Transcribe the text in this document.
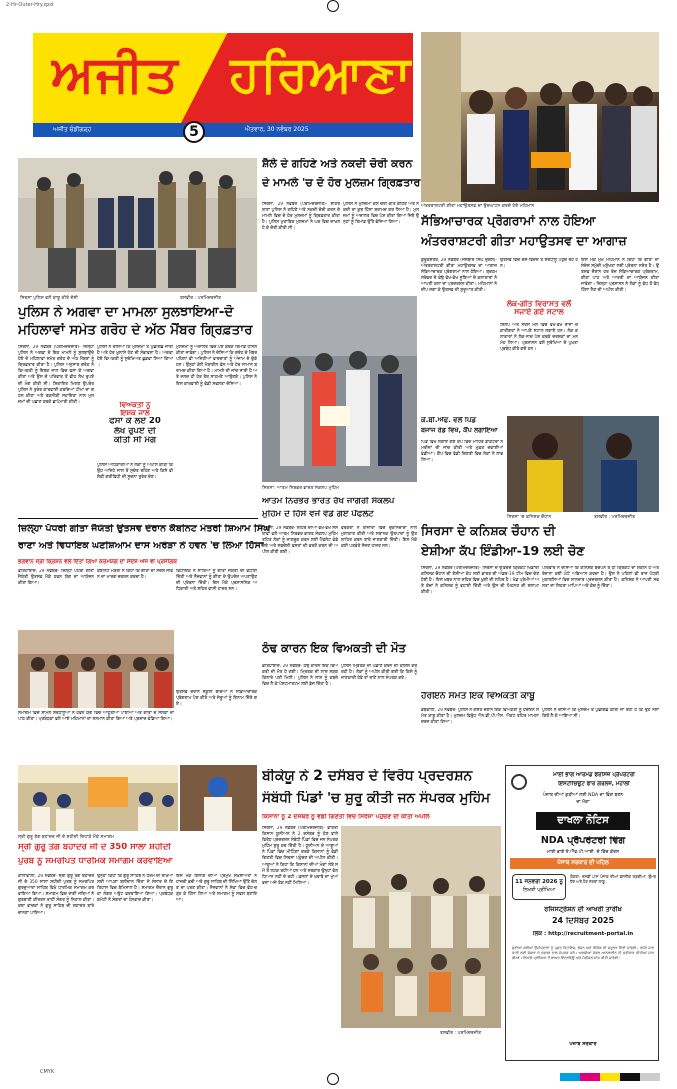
2-Hr-Outer-Hry.qxd
ਅਜੀਤ ਹਰਿਆਣਾ
ਅਜੀਤ ਚੰਡੀਗੜ੍ਹ	5	ਐਤਵਾਰ, 30 ਨਵੰਬਰ 2025
ਅੰਤਰਰਾਸ਼ਟਰੀ ਗੀਤਾ ਮਹਾਉਤਸਵ ਦਾ ਉਦਘਾਟਨ ਕਰਦੇ ਹੋਏ ਮਹਿਮਾਨ
ਸਿਰਸਾ ਪੁਲਿਸ ਵਲੋਂ ਕਾਬੂ ਕੀਤੇ ਦੋਸ਼ੀ	ਤਸਵੀਰ : ਪਰਮਿੰਦਰਜੀਤ
ਪੁਲਿਸ ਨੇ ਅਗਵਾ ਦਾ ਮਾਮਲਾ ਸੁਲਝਾਇਆ-ਦੋ
ਮਹਿਲਾਵਾਂ ਸਮੇਤ ਗਰੋਹ ਦੇ ਅੱਠ ਮੈਂਬਰ ਗ੍ਰਿਫ਼ਤਾਰ
ਸਿਰਸਾ, 29 ਨਵੰਬਰ (ਪਰਮਿੰਦਰਜੀਤ)- ਜ਼ਿਲ੍ਹਾ ਪੁਲਿਸ ਨੇ ਅਗਵਾ ਦੇ ਇਕ ਮਾਮਲੇ ਨੂੰ ਸੁਲਝਾਉਂਦੇ ਹੋਏ ਦੋ ਮਹਿਲਾਵਾਂ ਸਮੇਤ ਗਰੋਹ ਦੇ ਅੱਠ ਮੈਂਬਰਾਂ ਨੂੰ ਗ੍ਰਿਫ਼ਤਾਰ ਕੀਤਾ ਹੈ। ਪੁਲਿਸ ਅਨੁਸਾਰ ਗਰੋਹ ਨੇ ਵਿਅਕਤੀ ਨੂੰ ਇਸ਼ਕ ਜਾਲ ਵਿਚ ਫਸਾ ਕੇ ਅਗਵਾ ਕੀਤਾ ਅਤੇ ਉਸ ਦੇ ਪਰਿਵਾਰ ਤੋਂ ਵੀਹ ਲੱਖ ਰੁਪਏ ਦੀ ਮੰਗ ਕੀਤੀ ਸੀ। ਸ਼ਿਕਾਇਤ ਮਿਲਣ ਉਪਰੰਤ ਪੁਲਿਸ ਨੇ ਤੁਰੰਤ ਕਾਰਵਾਈ ਕਰਦਿਆਂ ਟੀਮਾਂ ਦਾ ਗਠਨ ਕੀਤਾ ਅਤੇ ਤਕਨੀਕੀ ਸਹਾਇਤਾ ਨਾਲ ਮੁਲਜ਼ਮਾਂ ਦੀ ਪਛਾਣ ਕਰਕੇ ਛਾਪੇਮਾਰੀ ਕੀਤੀ।
ਪੁਲਿਸ ਨੇ ਦੱਸਿਆ ਕਿ ਮੁਲਜ਼ਮਾਂ ਤੋਂ ਪੁੱਛਗਿੱਛ ਜਾਰੀ ਹੈ ਅਤੇ ਹੋਰ ਖ਼ੁਲਾਸੇ ਹੋਣ ਦੀ ਸੰਭਾਵਨਾ ਹੈ। ਅਗਵਾ ਹੋਏ ਵਿਅਕਤੀ ਨੂੰ ਸੁਰੱਖਿਅਤ ਛੁਡਵਾ ਲਿਆ ਗਿਆ।
ਵਿਅਕਤੀ ਨੂੰ
ਇਸ਼ਕ ਜਾਲ
ਫਸਾ ਕੇ ਲਏ 20
ਲੱਖ ਰੁਪਏ ਦੀ
ਕੀਤੀ ਸੀ ਮੰਗ
ਪੁਲਿਸ ਅਧਿਕਾਰੀਆਂ ਨੇ ਲੋਕਾਂ ਨੂੰ ਅਪੀਲ ਕੀਤੀ ਕਿ ਉਹ ਅਜਿਹੇ ਜਾਲ ਤੋਂ ਸੁਚੇਤ ਰਹਿਣ ਅਤੇ ਕਿਸੇ ਵੀ ਸ਼ੱਕੀ ਗਤੀਵਿਧੀ ਦੀ ਸੂਚਨਾ ਤੁਰੰਤ ਦੇਣ।
ਮੁਲਜ਼ਮਾਂ ਨੂੰ ਅਦਾਲਤ ਵਿਚ ਪੇਸ਼ ਕਰਕੇ ਰਿਮਾਂਡ ਹਾਸਲ ਕੀਤਾ ਜਾਵੇਗਾ। ਪੁਲਿਸ ਨੇ ਦੱਸਿਆ ਕਿ ਗਰੋਹ ਦੇ ਮੈਂਬਰ ਪਹਿਲਾਂ ਵੀ ਅਜਿਹੀਆਂ ਵਾਰਦਾਤਾਂ ਨੂੰ ਅੰਜਾਮ ਦੇ ਚੁੱਕੇ ਹਨ। ਉਨ੍ਹਾਂ ਕੋਲੋਂ ਮੋਬਾਈਲ ਫ਼ੋਨ ਅਤੇ ਹੋਰ ਸਾਮਾਨ ਬਰਾਮਦ ਕੀਤਾ ਗਿਆ ਹੈ। ਮਾਮਲੇ ਦੀ ਜਾਂਚ ਜਾਰੀ ਹੈ ਅਤੇ ਜਲਦ ਹੀ ਹੋਰ ਤੱਥ ਸਾਹਮਣੇ ਆਉਣਗੇ। ਪੁਲਿਸ ਨੇ ਇਸ ਕਾਰਵਾਈ ਨੂੰ ਵੱਡੀ ਸਫਲਤਾ ਦੱਸਿਆ।
ਸ਼ੈਲੇ ਦੇ ਗਹਿਣੇ ਅਤੇ ਨਕਦੀ ਚੋਰੀ ਕਰਨ
ਦੇ ਮਾਮਲੇ 'ਚ ਦੋ ਹੋਰ ਮੁਲਜ਼ਮ ਗ੍ਰਿਫ਼ਤਾਰ
ਸਿਰਸਾ, 29 ਨਵੰਬਰ (ਪਰਮਿੰਦਰਜੀਤ)- ਸ਼ਹਿਰ ਥਾਣਾ ਪੁਲਿਸ ਨੇ ਗਹਿਣੇ ਅਤੇ ਨਕਦੀ ਚੋਰੀ ਕਰਨ ਦੇ ਮਾਮਲੇ ਵਿਚ ਦੋ ਹੋਰ ਮੁਲਜ਼ਮਾਂ ਨੂੰ ਗ੍ਰਿਫ਼ਤਾਰ ਕੀਤਾ ਹੈ। ਪੁਲਿਸ ਮੁਤਾਬਿਕ ਮੁਲਜ਼ਮਾਂ ਨੇ ਘਰ ਵਿਚ ਦਾਖ਼ਲ ਹੋ ਕੇ ਚੋਰੀ ਕੀਤੀ ਸੀ।
ਪੁਲਿਸ ਨੇ ਮੁਲਜ਼ਮਾਂ ਕੋਲੋਂ ਚੋਰੀ ਕੀਤੇ ਗਹਿਣੇ ਅਤੇ ਨਕਦੀ ਦਾ ਕੁਝ ਹਿੱਸਾ ਬਰਾਮਦ ਕਰ ਲਿਆ ਹੈ। ਮੁਲਜ਼ਮਾਂ ਨੂੰ ਅਦਾਲਤ ਵਿਚ ਪੇਸ਼ ਕੀਤਾ ਗਿਆ ਜਿਥੋਂ ਉਨ੍ਹਾਂ ਨੂੰ ਰਿਮਾਂਡ ਉੱਤੇ ਭੇਜਿਆ ਗਿਆ।
ਸਿਰਸਾ: ਆਤਮ ਨਿਰਭਰ ਭਾਰਤ ਸੰਕਲਪ ਮੁਹਿੰਮ
ਆਤਮ ਨਿਰਭਰ ਭਾਰਤ ਰੱਖ ਜਾਗਰੀ ਸੰਕਲਪ
ਮੁਹਿੰਮ ਦੇ ਹਿੱਸੇ ਵਜੋਂ ਵੰਡੇ ਗਏ ਪੈਂਫਲੇਟ
ਸੱਭਿਆਚਾਰਕ ਪ੍ਰੋਗਰਾਮਾਂ ਨਾਲ ਹੋਇਆ
ਅੰਤਰਰਾਸ਼ਟਰੀ ਗੀਤਾ ਮਹਾਉਤਸਵ ਦਾ ਆਗਾਜ਼
ਕੁਰੂਕਸ਼ੇਤਰ, 29 ਨਵੰਬਰ (ਜਸਬੀਰ ਸਿੰਘ ਦੁੱਗਲ)- ਅੰਤਰਰਾਸ਼ਟਰੀ ਗੀਤਾ ਮਹਾਉਤਸਵ ਦਾ ਆਗਾਜ਼ ਸੱਭਿਆਚਾਰਕ ਪ੍ਰੋਗਰਾਮਾਂ ਨਾਲ ਹੋਇਆ। ਬ੍ਰਹਮ ਸਰੋਵਰ ਦੇ ਕੰਢੇ ਵੱਖ-ਵੱਖ ਸੂਬਿਆਂ ਦੇ ਕਲਾਕਾਰਾਂ ਨੇ ਆਪਣੀ ਕਲਾ ਦਾ ਪ੍ਰਦਰਸ਼ਨ ਕੀਤਾ। ਮਹਿਮਾਨਾਂ ਨੇ ਦੀਪ ਜਗਾ ਕੇ ਉਤਸਵ ਦੀ ਸ਼ੁਰੂਆਤ ਕੀਤੀ।
ਉਤਸਵ ਵਿਚ ਦੇਸ਼-ਵਿਦੇਸ਼ ਤੋਂ ਸ਼ਰਧਾਲੂ ਪਹੁੰਚ ਰਹੇ ਹਨ।
ਲੋਕ-ਗੀਤ ਵਿਰਾਸਤ ਵਲੋਂ
ਸਜਾਏ ਗਏ ਸਟਾਲ
ਸ਼ਿਲਪ ਅਤੇ ਸਰਸ ਮੇਲੇ ਵਿਚ ਵੱਖ-ਵੱਖ ਰਾਜਾਂ ਦੇ ਕਾਰੀਗਰਾਂ ਨੇ ਆਪਣੇ ਸਟਾਲ ਲਗਾਏ ਹਨ। ਲੋਕ ਕਲਾਕਾਰਾਂ ਨੇ ਲੋਕ-ਨਾਚ ਪੇਸ਼ ਕਰਕੇ ਦਰਸ਼ਕਾਂ ਦਾ ਮਨ ਮੋਹ ਲਿਆ। ਪ੍ਰਸ਼ਾਸਨ ਵਲੋਂ ਸੁਰੱਖਿਆ ਦੇ ਪੁਖ਼ਤਾ ਪ੍ਰਬੰਧ ਕੀਤੇ ਗਏ ਹਨ।
ਇਸ ਮੌਕੇ ਮੁੱਖ ਮਹਿਮਾਨ ਨੇ ਕਿਹਾ ਕਿ ਗੀਤਾ ਦਾ ਸੰਦੇਸ਼ ਸਮੁੱਚੀ ਮਨੁੱਖਤਾ ਲਈ ਪ੍ਰੇਰਨਾ ਸਰੋਤ ਹੈ। ਉਤਸਵ ਦੌਰਾਨ ਹਰ ਰੋਜ਼ ਸੱਭਿਆਚਾਰਕ ਪ੍ਰੋਗਰਾਮ, ਗੀਤਾ ਪਾਠ ਅਤੇ ਆਰਤੀ ਦਾ ਆਯੋਜਨ ਕੀਤਾ ਜਾਵੇਗਾ। ਜ਼ਿਲ੍ਹਾ ਪ੍ਰਸ਼ਾਸਨ ਨੇ ਲੋਕਾਂ ਨੂੰ ਵੱਧ ਤੋਂ ਵੱਧ ਹਿੱਸਾ ਲੈਣ ਦੀ ਅਪੀਲ ਕੀਤੀ।
ਕੇ.ਬੀ.ਐੱਫ. ਵਲੋਂ ਪਿੰਡ
ਬਜਾਜ ਰੋਡ ਵਿਖੇ, ਕੈਂਪ ਲਗਾਇਆ
ਪਿੰਡ ਵਿਖੇ ਲਗਾਏ ਗਏ ਕੈਂਪ ਵਿਚ ਮਾਹਿਰ ਡਾਕਟਰਾਂ ਨੇ ਮਰੀਜ਼ਾਂ ਦੀ ਜਾਂਚ ਕੀਤੀ ਅਤੇ ਮੁਫ਼ਤ ਦਵਾਈਆਂ ਵੰਡੀਆਂ। ਕੈਂਪ ਵਿਚ ਵੱਡੀ ਗਿਣਤੀ ਵਿਚ ਲੋਕਾਂ ਨੇ ਲਾਭ ਲਿਆ।
ਸਿਰਸਾ 'ਚ ਕਨਿਸ਼ਕ ਚੌਹਾਨ	ਤਸਵੀਰ : ਪਰਮਿੰਦਰਜੀਤ
ਸਿਰਸਾ ਦੇ ਕਨਿਸ਼ਕ ਚੌਹਾਨ ਦੀ
ਏਸ਼ੀਆ ਕੱਪ ਇੰਡੀਆ-19 ਲਈ ਚੋਣ
ਸਿਰਸਾ, 29 ਨਵੰਬਰ (ਪਰਮਿੰਦਰਜੀਤ)- ਸਿਰਸਾ ਦੇ ਉੱਭਰਦੇ ਕ੍ਰਿਕਟ ਖਿਡਾਰੀ ਕਨਿਸ਼ਕ ਚੌਹਾਨ ਦੀ ਏਸ਼ੀਆ ਕੱਪ ਲਈ ਭਾਰਤ ਦੀ ਅੰਡਰ-19 ਟੀਮ ਵਿਚ ਚੋਣ ਹੋਈ ਹੈ। ਇਸ ਖ਼ਬਰ ਨਾਲ ਸ਼ਹਿਰ ਵਿਚ ਖ਼ੁਸ਼ੀ ਦੀ ਲਹਿਰ ਹੈ। ਖੇਡ ਪ੍ਰੇਮੀਆਂ ਅਤੇ ਕੋਚਾਂ ਨੇ ਕਨਿਸ਼ਕ ਨੂੰ ਵਧਾਈ ਦਿੱਤੀ ਅਤੇ ਉਸ ਦੀ ਮਿਹਨਤ ਦੀ ਸ਼ਲਾਘਾ ਕੀਤੀ।
ਪਰਿਵਾਰ ਨੇ ਦੱਸਿਆ ਕਿ ਕਨਿਸ਼ਕ ਬਚਪਨ ਤੋਂ ਹੀ ਕ੍ਰਿਕਟ ਦਾ ਸ਼ੌਕੀਨ ਹੈ ਅਤੇ ਰੋਜ਼ਾਨਾ ਕਈ ਘੰਟੇ ਅਭਿਆਸ ਕਰਦਾ ਹੈ। ਉਸ ਨੇ ਪਹਿਲਾਂ ਵੀ ਰਾਜ ਪੱਧਰੀ ਮੁਕਾਬਲਿਆਂ ਵਿਚ ਸ਼ਾਨਦਾਰ ਪ੍ਰਦਰਸ਼ਨ ਕੀਤਾ ਹੈ। ਕਨਿਸ਼ਕ ਨੇ ਆਪਣੀ ਸਫਲਤਾ ਦਾ ਸਿਹਰਾ ਮਾਪਿਆਂ ਅਤੇ ਕੋਚ ਨੂੰ ਦਿੱਤਾ।
ਜ਼ਿਲ੍ਹਾ ਪੱਧਰੀ ਗੀਤਾ ਜੈਯੰਤੀ ਉਤਸਵ ਦੌਰਾਨ ਕੈਬਨਿਟ ਮੰਤਰੀ ਸ਼ਿਆਮ ਸਿੰਘ
ਰਾਣਾ ਅਤੇ ਵਿਧਾਇਕ ਘਣਸ਼ਿਆਮ ਦਾਸ ਅਰੋੜਾ ਨੇ ਹਵਨ 'ਚ ਲਿਆ ਹਿੱਸਾ
ਭਗਵਾਨ ਸ੍ਰੀ ਕ੍ਰਿਸ਼ਨ ਵਲੋਂ ਦਿੱਤਾ ਗਿਆ ਕਰਮਯੋਗ ਦਾ ਸੰਦੇਸ਼ ਅੱਜ ਵੀ ਪ੍ਰਸੰਗਿਕ
ਫ਼ਤਿਹਾਬਾਦ, 29 ਨਵੰਬਰ- ਜ਼ਿਲ੍ਹਾ ਪੱਧਰੀ ਗੀਤਾ ਜੈਯੰਤੀ ਉਤਸਵ ਮੌਕੇ ਹਵਨ ਯੱਗ ਦਾ ਆਯੋਜਨ ਕੀਤਾ ਗਿਆ।
ਕੈਬਨਿਟ ਮੰਤਰੀ ਨੇ ਕਿਹਾ ਕਿ ਗੀਤਾ ਦਾ ਸੰਦੇਸ਼ ਜੀਵਨ ਦਾ ਮਾਰਗ ਦਰਸ਼ਨ ਕਰਦਾ ਹੈ।
ਵਿਧਾਇਕ ਨੇ ਸਾਰਿਆਂ ਨੂੰ ਗੀਤਾ ਜੈਯੰਤੀ ਦੀ ਵਧਾਈ ਦਿੱਤੀ ਅਤੇ ਨੌਜਵਾਨਾਂ ਨੂੰ ਗੀਤਾ ਦੇ ਉਪਦੇਸ਼ ਅਪਣਾਉਣ ਦੀ ਪ੍ਰੇਰਨਾ ਦਿੱਤੀ। ਇਸ ਮੌਕੇ ਪ੍ਰਸ਼ਾਸਨਿਕ ਅਧਿਕਾਰੀ ਅਤੇ ਸ਼ਹਿਰ ਵਾਸੀ ਹਾਜ਼ਰ ਸਨ।
ਸਮਾਗਮ ਵਿਚ ਸ਼ਾਮਲ ਸ਼ਰਧਾਲੂਆਂ ਨੇ ਹਵਨ ਯੱਗ ਵਿਚ ਆਹੂਤੀਆਂ ਪਾਈਆਂ ਅਤੇ ਗੀਤਾ ਦੇ ਸਲੋਕਾਂ ਦਾ ਪਾਠ ਕੀਤਾ। ਪ੍ਰਬੰਧਕਾਂ ਵਲੋਂ ਆਏ ਮਹਿਮਾਨਾਂ ਦਾ ਸਨਮਾਨ ਕੀਤਾ ਗਿਆ ਅਤੇ ਪ੍ਰਸ਼ਾਦ ਵੰਡਿਆ ਗਿਆ।
ਉਤਸਵ ਦੌਰਾਨ ਸਕੂਲੀ ਬੱਚਿਆਂ ਨੇ ਸੱਭਿਆਚਾਰਕ ਪ੍ਰੋਗਰਾਮ ਪੇਸ਼ ਕੀਤੇ ਅਤੇ ਜੇਤੂਆਂ ਨੂੰ ਇਨਾਮ ਦਿੱਤੇ ਗਏ।
ਸਿਰਸਾ, 29 ਨਵੰਬਰ- ਸ਼ਹਿਰ ਦੀਆਂ ਵੱਖ-ਵੱਖ ਸੰਸਥਾਵਾਂ ਵਲੋਂ ਆਤਮ ਨਿਰਭਰ ਭਾਰਤ ਸੰਕਲਪ ਮੁਹਿੰਮ ਤਹਿਤ ਲੋਕਾਂ ਨੂੰ ਜਾਗਰੂਕ ਕਰਨ ਲਈ ਪੈਂਫਲੇਟ ਵੰਡੇ ਗਏ ਅਤੇ ਸਵਦੇਸ਼ੀ ਵਸਤਾਂ ਦੀ ਵਰਤੋਂ ਕਰਨ ਦੀ ਅਪੀਲ ਕੀਤੀ ਗਈ।
ਵਰਕਰਾਂ ਨੇ ਬਾਜ਼ਾਰਾਂ ਵਿਚ ਦੁਕਾਨਦਾਰਾਂ ਨਾਲ ਮੁਲਾਕਾਤ ਕੀਤੀ ਅਤੇ ਸਥਾਨਕ ਉਤਪਾਦਾਂ ਨੂੰ ਉਤਸ਼ਾਹਿਤ ਕਰਨ ਬਾਰੇ ਜਾਣਕਾਰੀ ਦਿੱਤੀ। ਇਸ ਮੌਕੇ ਕਈ ਪਤਵੰਤੇ ਸੱਜਣ ਹਾਜ਼ਰ ਸਨ।
ਠੰਢ ਕਾਰਨ ਇਕ ਵਿਅਕਤੀ ਦੀ ਮੌਤ
ਫ਼ਤਿਹਾਬਾਦ, 29 ਨਵੰਬਰ- ਠੰਢ ਕਾਰਨ ਇਕ ਵਿਅਕਤੀ ਦੀ ਮੌਤ ਹੋ ਗਈ। ਮ੍ਰਿਤਕ ਦੀ ਲਾਸ਼ ਸੜਕ ਕਿਨਾਰੇ ਪਈ ਮਿਲੀ। ਪੁਲਿਸ ਨੇ ਲਾਸ਼ ਨੂੰ ਕਬਜ਼ੇ ਵਿਚ ਲੈ ਕੇ ਪੋਸਟਮਾਰਟਮ ਲਈ ਭੇਜ ਦਿੱਤਾ ਹੈ।
ਪੁਲਿਸ ਮ੍ਰਿਤਕ ਦੀ ਪਛਾਣ ਕਰਨ ਦੀ ਕੋਸ਼ਿਸ਼ ਕਰ ਰਹੀ ਹੈ। ਲੋਕਾਂ ਨੂੰ ਅਪੀਲ ਕੀਤੀ ਗਈ ਕਿ ਕਿਸੇ ਨੂੰ ਜਾਣਕਾਰੀ ਹੋਵੇ ਤਾਂ ਥਾਣੇ ਨਾਲ ਸੰਪਰਕ ਕਰੇ।
ਹੈਰੋਇਨ ਸਮੇਤ ਇਕ ਵਿਅਕਤੀ ਕਾਬੂ
ਡੱਬਵਾਲੀ, 29 ਨਵੰਬਰ- ਪੁਲਿਸ ਨੇ ਗਸ਼ਤ ਦੌਰਾਨ ਇਕ ਵਿਅਕਤੀ ਨੂੰ ਹੈਰੋਇਨ ਸਮੇਤ ਕਾਬੂ ਕੀਤਾ ਹੈ। ਮੁਲਜ਼ਮ ਵਿਰੁੱਧ ਐਨ.ਡੀ.ਪੀ.ਐਸ. ਐਕਟ ਤਹਿਤ ਮਾਮਲਾ ਦਰਜ ਕੀਤਾ ਗਿਆ।
ਪੁਲਿਸ ਨੇ ਦੱਸਿਆ ਕਿ ਮੁਲਜ਼ਮ ਤੋਂ ਪੁੱਛਗਿੱਛ ਕੀਤੀ ਜਾ ਰਹੀ ਹੈ ਕਿ ਉਹ ਨਸ਼ਾ ਕਿਥੋਂ ਲੈ ਕੇ ਆਇਆ ਸੀ।
ਸ੍ਰੀ ਗੁਰੂ ਤੇਗ ਬਹਾਦਰ ਜੀ ਦੇ ਸ਼ਹੀਦੀ ਦਿਹਾੜੇ ਮੌਕੇ ਸਮਾਗਮ
ਸ੍ਰੀ ਗੁਰੂ ਤੇਗ ਬਹਾਦਰ ਜੀ ਦੇ 350 ਸਾਲਾ ਸ਼ਹੀਦੀ
ਪੁਰਬ ਨੂੰ ਸਮਰਪਿਤ ਧਾਰਮਿਕ ਸਮਾਗਮ ਕਰਵਾਇਆ
ਕਾਲਾਂਵਾਲੀ, 29 ਨਵੰਬਰ- ਸ੍ਰੀ ਗੁਰੂ ਤੇਗ ਬਹਾਦਰ ਜੀ ਦੇ 350 ਸਾਲਾ ਸ਼ਹੀਦੀ ਪੁਰਬ ਨੂੰ ਸਮਰਪਿਤ ਗੁਰਦੁਆਰਾ ਸਾਹਿਬ ਵਿਖੇ ਧਾਰਮਿਕ ਸਮਾਗਮ ਕਰਵਾਇਆ ਗਿਆ। ਸਮਾਗਮ ਵਿਚ ਰਾਗੀ ਜਥਿਆਂ ਨੇ ਗੁਰਬਾਣੀ ਕੀਰਤਨ ਰਾਹੀਂ ਸੰਗਤ ਨੂੰ ਨਿਹਾਲ ਕੀਤਾ। ਕਥਾ ਵਾਚਕਾਂ ਨੇ ਗੁਰੂ ਸਾਹਿਬ ਦੀ ਸ਼ਹਾਦਤ ਬਾਰੇ ਚਾਨਣਾ ਪਾਇਆ।
ਉਨ੍ਹਾਂ ਕਿਹਾ ਕਿ ਗੁਰੂ ਸਾਹਿਬ ਨੇ ਧਰਮ ਦੀ ਰੱਖਿਆ ਲਈ ਆਪਣਾ ਬਲੀਦਾਨ ਦਿੱਤਾ ਜੋ ਸੰਸਾਰ ਦੇ ਇਤਿਹਾਸ ਵਿਚ ਬੇਮਿਸਾਲ ਹੈ। ਸਮਾਗਮ ਦੌਰਾਨ ਗੁਰੂ ਕਾ ਲੰਗਰ ਅਤੁੱਟ ਵਰਤਾਇਆ ਗਿਆ। ਪ੍ਰਬੰਧਕ ਕਮੇਟੀ ਨੇ ਸੰਗਤਾਂ ਦਾ ਧੰਨਵਾਦ ਕੀਤਾ।
ਇਸ ਮੌਕੇ ਇਲਾਕੇ ਦੀਆਂ ਪ੍ਰਮੁੱਖ ਸ਼ਖ਼ਸੀਅਤਾਂ ਨੇ ਹਾਜ਼ਰੀ ਭਰੀ ਅਤੇ ਗੁਰੂ ਸਾਹਿਬ ਦੀ ਸਿੱਖਿਆ ਉੱਤੇ ਚੱਲਣ ਦਾ ਪ੍ਰਣ ਕੀਤਾ। ਨੌਜਵਾਨਾਂ ਨੇ ਸੇਵਾ ਵਿਚ ਵੱਧ-ਚੜ੍ਹ ਕੇ ਹਿੱਸਾ ਲਿਆ ਅਤੇ ਸਮਾਗਮ ਨੂੰ ਸਫਲ ਬਣਾਇਆ।
ਬੀਕੇਯੂ ਨੇ 2 ਦਸੰਬਰ ਦੇ ਵਿਰੋਧ ਪ੍ਰਦਰਸ਼ਨ
ਸੰਬੰਧੀ ਪਿੰਡਾਂ 'ਚ ਸ਼ੁਰੂ ਕੀਤੀ ਜਨ ਸੰਪਰਕ ਮੁਹਿੰਮ
ਕਿਸਾਨਾਂ ਨੂੰ 2 ਦਸੰਬਰ ਨੂੰ ਵੱਡੀ ਗਿਣਤੀ ਵਿਚ ਸਿਰਸਾ ਪਹੁੰਚਣ ਦੀ ਕੀਤੀ ਅਪੀਲ
ਸਿਰਸਾ, 29 ਨਵੰਬਰ (ਪਰਮਿੰਦਰਜੀਤ)- ਭਾਰਤੀ ਕਿਸਾਨ ਯੂਨੀਅਨ ਨੇ 2 ਦਸੰਬਰ ਨੂੰ ਹੋਣ ਵਾਲੇ ਵਿਰੋਧ ਪ੍ਰਦਰਸ਼ਨ ਸੰਬੰਧੀ ਪਿੰਡਾਂ ਵਿਚ ਜਨ ਸੰਪਰਕ ਮੁਹਿੰਮ ਸ਼ੁਰੂ ਕਰ ਦਿੱਤੀ ਹੈ। ਯੂਨੀਅਨ ਦੇ ਆਗੂਆਂ ਨੇ ਪਿੰਡਾਂ ਵਿਚ ਮੀਟਿੰਗਾਂ ਕਰਕੇ ਕਿਸਾਨਾਂ ਨੂੰ ਵੱਡੀ ਗਿਣਤੀ ਵਿਚ ਸਿਰਸਾ ਪਹੁੰਚਣ ਦੀ ਅਪੀਲ ਕੀਤੀ। ਆਗੂਆਂ ਨੇ ਕਿਹਾ ਕਿ ਕਿਸਾਨਾਂ ਦੀਆਂ ਮੰਗਾਂ ਲੰਬੇ ਸਮੇਂ ਤੋਂ ਲਟਕ ਰਹੀਆਂ ਹਨ ਅਤੇ ਸਰਕਾਰ ਉਨ੍ਹਾਂ ਵੱਲ ਧਿਆਨ ਨਹੀਂ ਦੇ ਰਹੀ। ਫ਼ਸਲਾਂ ਦੇ ਖ਼ਰਾਬੇ ਦਾ ਮੁਆਵਜ਼ਾ ਅਜੇ ਤੱਕ ਨਹੀਂ ਮਿਲਿਆ।
ਤਸਵੀਰ : ਪਰਮਿੰਦਰਜੀਤ
ਮਾਈ ਭਾਗੋ ਆਰਮਡ ਫੋਰਸਿਜ਼ ਪ੍ਰੈਪਰੇਟਰੀ
ਇੰਸਟੀਚਿਊਟ ਫਾਰ ਗਰਲਜ਼, ਮੋਹਾਲੀ
ਪੰਜਾਬ ਦੀਆਂ ਕੁੜੀਆਂ ਲਈ NDA ਦਾ ਵਿੰਗ ਬਣਨ
ਦਾ ਮੌਕਾ
ਦਾਖਲਾ ਨੋਟਿਸ
NDA ਪ੍ਰੈਪਰੇਟਰੀ ਵਿੰਗ
ਮਾਈ ਭਾਗੋ ਏ.ਐੱਫ.ਪੀ.ਆਈ. ਦੇ ਵਿੱਚ ਕੋਰਸ
ਪੰਜਾਬ ਸਰਕਾਰ ਦੀ ਪਹਿਲ
11 ਜਨਵਰੀ 2026 ਨੂੰ
ਲਿਖਤੀ ਪ੍ਰੀਖਿਆ
ਯੋਗਤਾ: ਦਸਵੀਂ ਪਾਸ ਪੰਜਾਬ ਦੀਆਂ ਵਸਨੀਕ ਲੜਕੀਆਂ, ਉਮਰ ਹੱਦ ਅਤੇ ਹੋਰ ਸ਼ਰਤਾਂ ਲਾਗੂ
ਰਜਿਸਟ੍ਰੇਸ਼ਨ ਦੀ ਆਖਰੀ ਤਾਰੀਖ਼
24 ਦਿਸੰਬਰ 2025
ਲਿੰਕ : http://recruitment-portal.in
ਚੁਣੀਆਂ ਗਈਆਂ ਉਮੀਦਵਾਰਾਂ ਨੂੰ ਮੁਫ਼ਤ ਰਿਹਾਇਸ਼, ਭੋਜਨ ਅਤੇ ਕੋਚਿੰਗ ਦੀ ਸਹੂਲਤ ਦਿੱਤੀ ਜਾਵੇਗੀ। ਵਧੇਰੇ ਜਾਣਕਾਰੀ ਲਈ ਸੰਸਥਾ ਦੇ ਦਫ਼ਤਰ ਨਾਲ ਸੰਪਰਕ ਕਰੋ। ਅਰਜ਼ੀਆਂ ਕੇਵਲ ਆਨਲਾਈਨ ਹੀ ਸਵੀਕਾਰ ਕੀਤੀਆਂ ਜਾਣਗੀਆਂ। ਲਿਖਤੀ ਪ੍ਰੀਖਿਆ ਤੋਂ ਬਾਅਦ ਇੰਟਰਵਿਊ ਅਤੇ ਮੈਡੀਕਲ ਜਾਂਚ ਕੀਤੀ ਜਾਵੇਗੀ।
ਪੰਜਾਬ ਸਰਕਾਰ
CMYK
